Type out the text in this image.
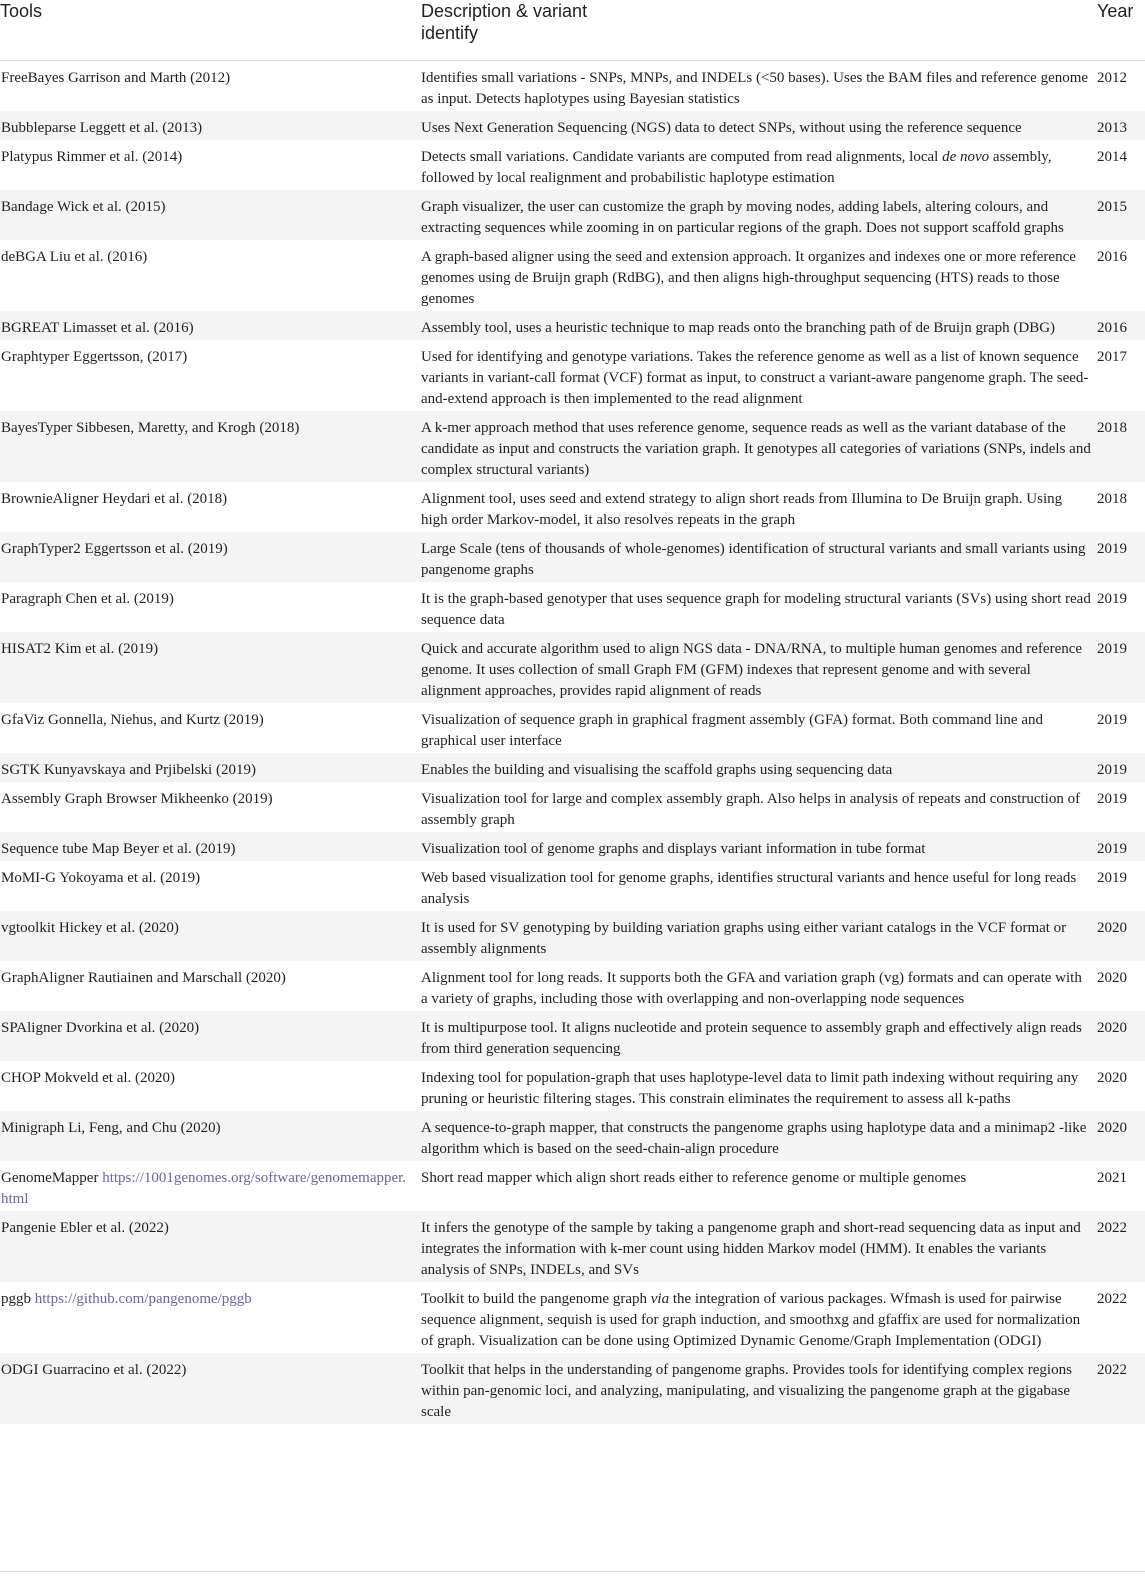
Tools	Description & variant identify	Year
FreeBayes Garrison and Marth (2012)	Identifies small variations - SNPs, MNPs, and INDELs (<50 bases). Uses the BAM files and reference genome as input. Detects haplotypes using Bayesian statistics	2012
Bubbleparse Leggett et al. (2013)	Uses Next Generation Sequencing (NGS) data to detect SNPs, without using the reference sequence	2013
Platypus Rimmer et al. (2014)	Detects small variations. Candidate variants are computed from read alignments, local de novo assembly, followed by local realignment and probabilistic haplotype estimation	2014
Bandage Wick et al. (2015)	Graph visualizer, the user can customize the graph by moving nodes, adding labels, altering colours, and extracting sequences while zooming in on particular regions of the graph. Does not support scaffold graphs	2015
deBGA Liu et al. (2016)	A graph-based aligner using the seed and extension approach. It organizes and indexes one or more reference genomes using de Bruijn graph (RdBG), and then aligns high-throughput sequencing (HTS) reads to those genomes	2016
BGREAT Limasset et al. (2016)	Assembly tool, uses a heuristic technique to map reads onto the branching path of de Bruijn graph (DBG)	2016
Graphtyper Eggertsson, (2017)	Used for identifying and genotype variations. Takes the reference genome as well as a list of known sequence variants in variant-call format (VCF) format as input, to construct a variant-aware pangenome graph. The seed-and-extend approach is then implemented to the read alignment	2017
BayesTyper Sibbesen, Maretty, and Krogh (2018)	A k-mer approach method that uses reference genome, sequence reads as well as the variant database of the candidate as input and constructs the variation graph. It genotypes all categories of variations (SNPs, indels and complex structural variants)	2018
BrownieAligner Heydari et al. (2018)	Alignment tool, uses seed and extend strategy to align short reads from Illumina to De Bruijn graph. Using high order Markov-model, it also resolves repeats in the graph	2018
GraphTyper2 Eggertsson et al. (2019)	Large Scale (tens of thousands of whole-genomes) identification of structural variants and small variants using pangenome graphs	2019
Paragraph Chen et al. (2019)	It is the graph-based genotyper that uses sequence graph for modeling structural variants (SVs) using short read sequence data	2019
HISAT2 Kim et al. (2019)	Quick and accurate algorithm used to align NGS data - DNA/RNA, to multiple human genomes and reference genome. It uses collection of small Graph FM (GFM) indexes that represent genome and with several alignment approaches, provides rapid alignment of reads	2019
GfaViz Gonnella, Niehus, and Kurtz (2019)	Visualization of sequence graph in graphical fragment assembly (GFA) format. Both command line and graphical user interface	2019
SGTK Kunyavskaya and Prjibelski (2019)	Enables the building and visualising the scaffold graphs using sequencing data	2019
Assembly Graph Browser Mikheenko (2019)	Visualization tool for large and complex assembly graph. Also helps in analysis of repeats and construction of assembly graph	2019
Sequence tube Map Beyer et al. (2019)	Visualization tool of genome graphs and displays variant information in tube format	2019
MoMI-G Yokoyama et al. (2019)	Web based visualization tool for genome graphs, identifies structural variants and hence useful for long reads analysis	2019
vgtoolkit Hickey et al. (2020)	It is used for SV genotyping by building variation graphs using either variant catalogs in the VCF format or assembly alignments	2020
GraphAligner Rautiainen and Marschall (2020)	Alignment tool for long reads. It supports both the GFA and variation graph (vg) formats and can operate with a variety of graphs, including those with overlapping and non-overlapping node sequences	2020
SPAligner Dvorkina et al. (2020)	It is multipurpose tool. It aligns nucleotide and protein sequence to assembly graph and effectively align reads from third generation sequencing	2020
CHOP Mokveld et al. (2020)	Indexing tool for population-graph that uses haplotype-level data to limit path indexing without requiring any pruning or heuristic filtering stages. This constrain eliminates the requirement to assess all k-paths	2020
Minigraph Li, Feng, and Chu (2020)	A sequence-to-graph mapper, that constructs the pangenome graphs using haplotype data and a minimap2 -like algorithm which is based on the seed-chain-align procedure	2020
GenomeMapper https://1001genomes.org/software/genomemapper.html	Short read mapper which align short reads either to reference genome or multiple genomes	2021
Pangenie Ebler et al. (2022)	It infers the genotype of the sample by taking a pangenome graph and short-read sequencing data as input and integrates the information with k-mer count using hidden Markov model (HMM). It enables the variants analysis of SNPs, INDELs, and SVs	2022
pggb https://github.com/pangenome/pggb	Toolkit to build the pangenome graph via the integration of various packages. Wfmash is used for pairwise sequence alignment, sequish is used for graph induction, and smoothxg and gfaffix are used for normalization of graph. Visualization can be done using Optimized Dynamic Genome/Graph Implementation (ODGI)	2022
ODGI Guarracino et al. (2022)	Toolkit that helps in the understanding of pangenome graphs. Provides tools for identifying complex regions within pan-genomic loci, and analyzing, manipulating, and visualizing the pangenome graph at the gigabase scale	2022
